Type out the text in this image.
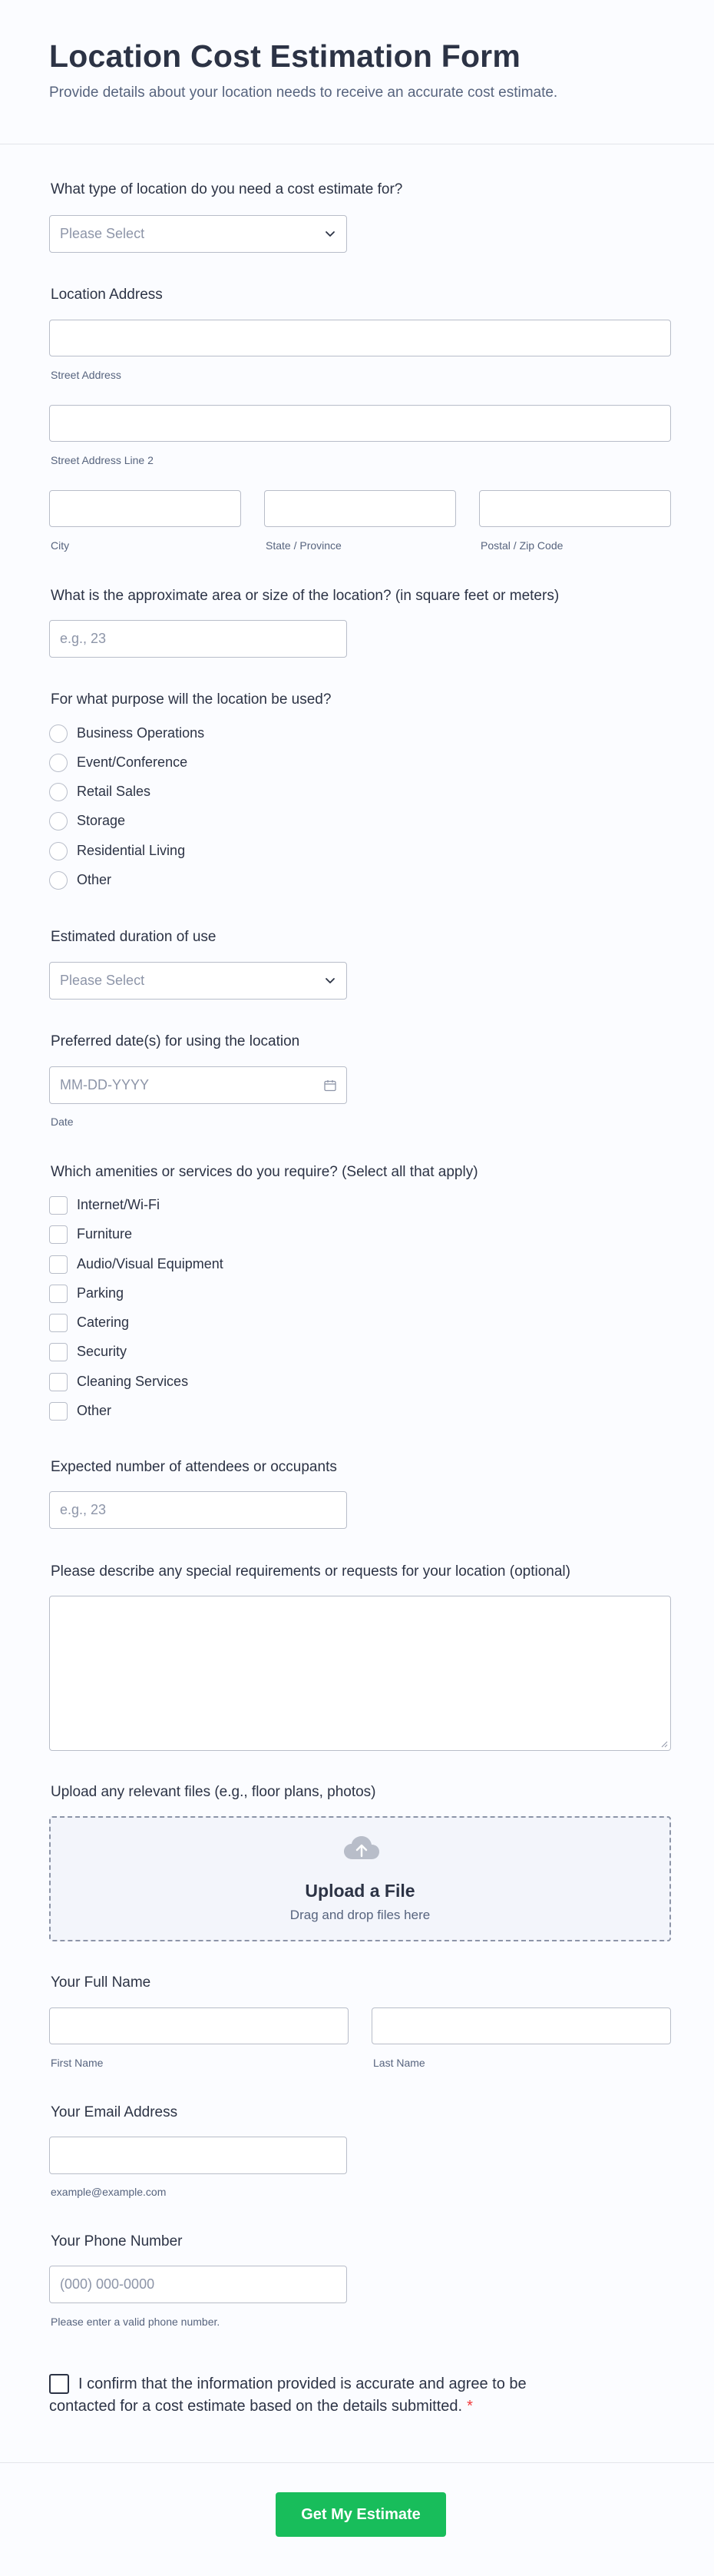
Location Cost Estimation Form
Provide details about your location needs to receive an accurate cost estimate.
What type of location do you need a cost estimate for?
Please Select
Location Address
Street Address
Street Address Line 2
City	State / Province	Postal / Zip Code
What is the approximate area or size of the location? (in square feet or meters)
e.g., 23
For what purpose will the location be used?
Business Operations
Event/Conference
Retail Sales
Storage
Residential Living
Other
Estimated duration of use
Please Select
Preferred date(s) for using the location
MM-DD-YYYY
Date
Which amenities or services do you require? (Select all that apply)
Internet/Wi-Fi
Furniture
Audio/Visual Equipment
Parking
Catering
Security
Cleaning Services
Other
Expected number of attendees or occupants
e.g., 23
Please describe any special requirements or requests for your location (optional)
Upload any relevant files (e.g., floor plans, photos)
Upload a File
Drag and drop files here
Your Full Name
First Name	Last Name
Your Email Address
example@example.com
Your Phone Number
(000) 000-0000
Please enter a valid phone number.
I confirm that the information provided is accurate and agree to be contacted for a cost estimate based on the details submitted. *
Get My Estimate
